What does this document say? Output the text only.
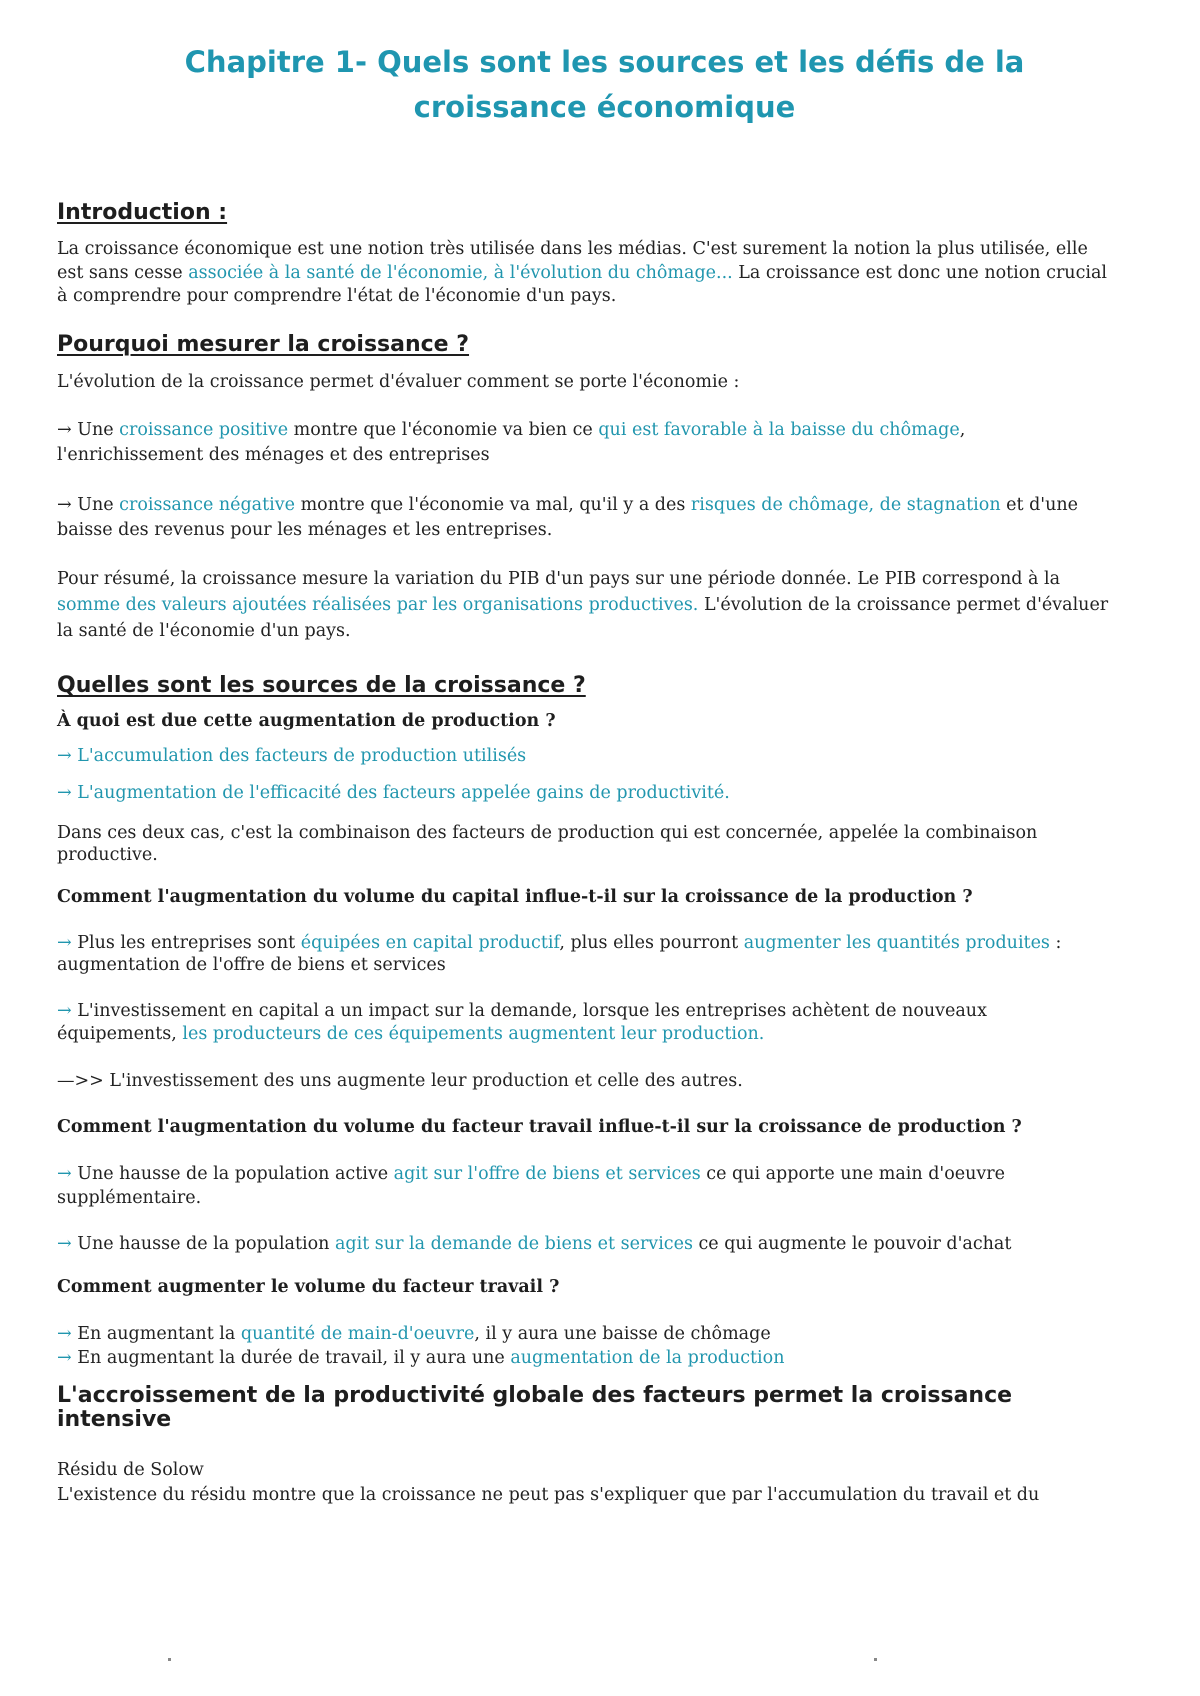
Chapitre 1- Quels sont les sources et les défis de la
croissance économique
Introduction :
La croissance économique est une notion très utilisée dans les médias. C'est surement la notion la plus utilisée, elle
est sans cesse associée à la santé de l'économie, à l'évolution du chômage... La croissance est donc une notion crucial
à comprendre pour comprendre l'état de l'économie d'un pays.
Pourquoi mesurer la croissance ?
L'évolution de la croissance permet d'évaluer comment se porte l'économie :
→ Une croissance positive montre que l'économie va bien ce qui est favorable à la baisse du chômage,
l'enrichissement des ménages et des entreprises
→ Une croissance négative montre que l'économie va mal, qu'il y a des risques de chômage, de stagnation et d'une
baisse des revenus pour les ménages et les entreprises.
Pour résumé, la croissance mesure la variation du PIB d'un pays sur une période donnée. Le PIB correspond à la
somme des valeurs ajoutées réalisées par les organisations productives. L'évolution de la croissance permet d'évaluer
la santé de l'économie d'un pays.
Quelles sont les sources de la croissance ?
À quoi est due cette augmentation de production ?
→ L'accumulation des facteurs de production utilisés
→ L'augmentation de l'efficacité des facteurs appelée gains de productivité.
Dans ces deux cas, c'est la combinaison des facteurs de production qui est concernée, appelée la combinaison
productive.
Comment l'augmentation du volume du capital influe-t-il sur la croissance de la production ?
→ Plus les entreprises sont équipées en capital productif, plus elles pourront augmenter les quantités produites :
augmentation de l'offre de biens et services
→ L'investissement en capital a un impact sur la demande, lorsque les entreprises achètent de nouveaux
équipements, les producteurs de ces équipements augmentent leur production.
—>> L'investissement des uns augmente leur production et celle des autres.
Comment l'augmentation du volume du facteur travail influe-t-il sur la croissance de production ?
→ Une hausse de la population active agit sur l'offre de biens et services ce qui apporte une main d'oeuvre
supplémentaire.
→ Une hausse de la population agit sur la demande de biens et services ce qui augmente le pouvoir d'achat
Comment augmenter le volume du facteur travail ?
→ En augmentant la quantité de main-d'oeuvre, il y aura une baisse de chômage
→ En augmentant la durée de travail, il y aura une augmentation de la production
L'accroissement de la productivité globale des facteurs permet la croissance
intensive
Résidu de Solow
L'existence du résidu montre que la croissance ne peut pas s'expliquer que par l'accumulation du travail et du
